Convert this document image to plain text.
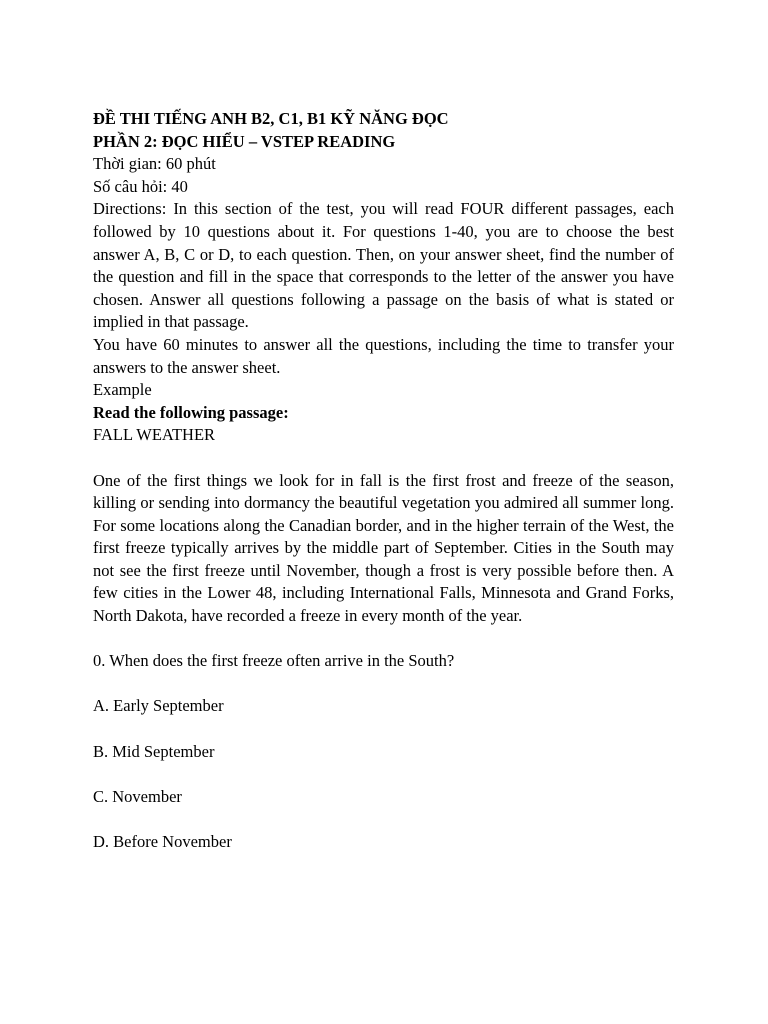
ĐỀ THI TIẾNG ANH B2, C1, B1 KỸ NĂNG ĐỌC

PHẦN 2: ĐỌC HIỂU – VSTEP READING

Thời gian: 60 phút

Số câu hỏi: 40

Directions: In this section of the test, you will read FOUR different passages, each followed by 10 questions about it. For questions 1-40, you are to choose the best answer A, B, C or D, to each question. Then, on your answer sheet, find the number of the question and fill in the space that corresponds to the letter of the answer you have chosen. Answer all questions following a passage on the basis of what is stated or implied in that passage.

You have 60 minutes to answer all the questions, including the time to transfer your answers to the answer sheet.

Example

Read the following passage:

FALL WEATHER

One of the first things we look for in fall is the first frost and freeze of the season, killing or sending into dormancy the beautiful vegetation you admired all summer long. For some locations along the Canadian border, and in the higher terrain of the West, the first freeze typically arrives by the middle part of September. Cities in the South may not see the first freeze until November, though a frost is very possible before then. A few cities in the Lower 48, including International Falls, Minnesota and Grand Forks, North Dakota, have recorded a freeze in every month of the year.

0. When does the first freeze often arrive in the South?

A. Early September

B. Mid September

C. November

D. Before November
